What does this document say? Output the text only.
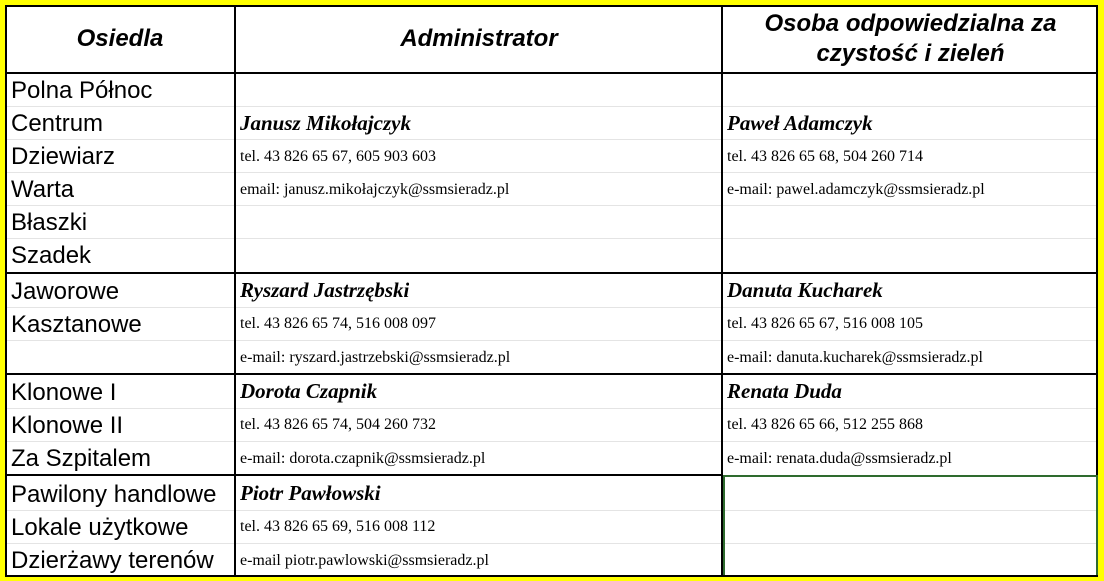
Osiedla	Administrator
Osoba odpowiedzialna za
czystość i zieleń
Polna Północ
Centrum
Dziewiarz
Warta
Błaszki
Szadek
Janusz Mikołajczyk
tel. 43 826 65 67, 605 903 603
email: janusz.mikołajczyk@ssmsieradz.pl
Paweł Adamczyk
tel. 43 826 65 68, 504 260 714
e-mail: pawel.adamczyk@ssmsieradz.pl
Jaworowe
Kasztanowe
Ryszard Jastrzębski
tel. 43 826 65 74, 516 008 097
e-mail: ryszard.jastrzebski@ssmsieradz.pl
Danuta Kucharek
tel. 43 826 65 67, 516 008 105
e-mail: danuta.kucharek@ssmsieradz.pl
Klonowe I
Klonowe II
Za Szpitalem
Dorota Czapnik
tel. 43 826 65 74, 504 260 732
e-mail: dorota.czapnik@ssmsieradz.pl
Renata Duda
tel. 43 826 65 66, 512 255 868
e-mail: renata.duda@ssmsieradz.pl
Pawilony handlowe
Lokale użytkowe
Dzierżawy terenów
Piotr Pawłowski
tel. 43 826 65 69, 516 008 112
e-mail piotr.pawlowski@ssmsieradz.pl
